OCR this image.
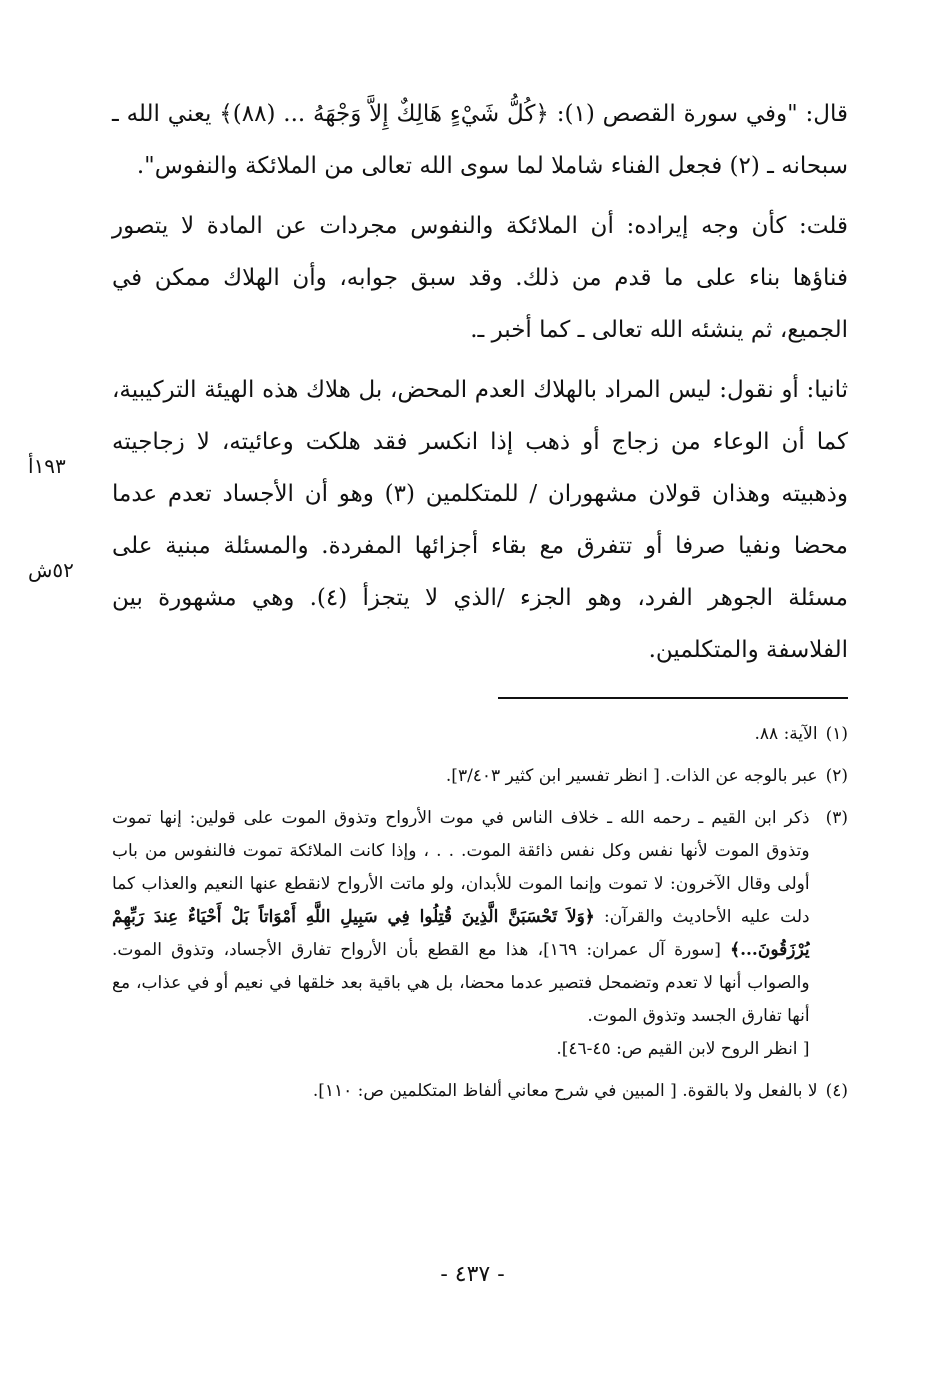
قال: "وفي سورة القصص (١): ﴿كُلُّ شَيْءٍ هَالِكٌ إِلاَّ وَجْهَهُ ... (٨٨)﴾ يعني الله ـ سبحانه ـ (٢) فجعل الفناء شاملا لما سوى الله تعالى من الملائكة والنفوس".

قلت: كأن وجه إيراده: أن الملائكة والنفوس مجردات عن المادة لا يتصور فناؤها بناء على ما قدم من ذلك. وقد سبق جوابه، وأن الهلاك ممكن في الجميع، ثم ينشئه الله تعالى ـ كما أخبر ـ.

ثانيا: أو نقول: ليس المراد بالهلاك العدم المحض، بل هلاك هذه الهيئة التركيبية، كما أن الوعاء من زجاج أو ذهب إذا انكسر فقد هلكت وعائيته، لا زجاجيته وذهبيته وهذان قولان مشهوران / للمتكلمين (٣) وهو أن الأجساد تعدم عدما محضا ونفيا صرفا أو تتفرق مع بقاء أجزائها المفردة. والمسئلة مبنية على مسئلة الجوهر الفرد، وهو الجزء /الذي لا يتجزأ (٤). وهي مشهورة بين الفلاسفة والمتكلمين.

١٩٣أ
٥٢ش

(١)الآية: ٨٨.

(٢)عبر بالوجه عن الذات. [ انظر تفسير ابن كثير ٣/٤٠٣].

(٣)

ذكر ابن القيم ـ رحمه الله ـ خلاف الناس في موت الأرواح وتذوق الموت على قولين: إنها تموت وتذوق الموت لأنها نفس وكل نفس ذائقة الموت. . . ، وإذا كانت الملائكة تموت فالنفوس من باب أولى وقال الآخرون: لا تموت وإنما الموت للأبدان، ولو ماتت الأرواح لانقطع عنها النعيم والعذاب كما دلت عليه الأحاديث والقرآن: ﴿وَلاَ تَحْسَبَنَّ الَّذِينَ قُتِلُوا فِي سَبِيلِ اللَّهِ أَمْوَاتاً بَلْ أَحْيَاءٌ عِندَ رَبِّهِمْ يُرْزَقُونَ...﴾ [سورة آل عمران: ١٦٩]، هذا مع القطع بأن الأرواح تفارق الأجساد، وتذوق الموت. والصواب أنها لا تعدم وتضمحل فتصير عدما محضا، بل هي باقية بعد خلقها في نعيم أو في عذاب، مع أنها تفارق الجسد وتذوق الموت.

[ انظر الروح لابن القيم ص: ٤٥-٤٦].

(٤)لا بالفعل ولا بالقوة. [ المبين في شرح معاني ألفاظ المتكلمين ص: ١١٠].

- ٤٣٧ -
